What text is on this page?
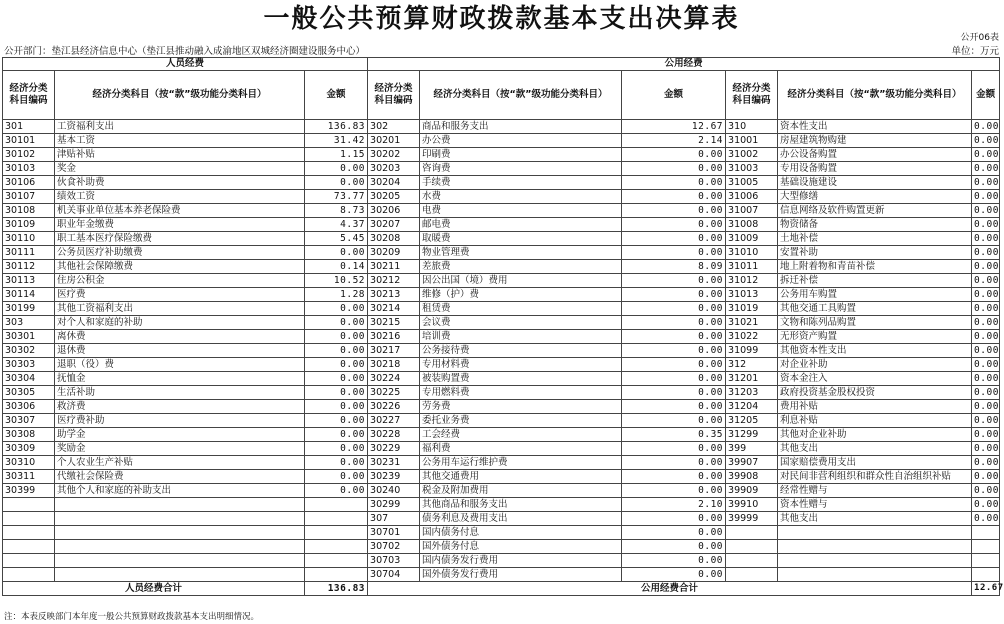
一般公共预算财政拨款基本支出决算表
公开06表
公开部门：垫江县经济信息中心（垫江县推动融入成渝地区双城经济圈建设服务中心）	单位：万元
人员经费			公用经费					
经济分类科目编码	经济分类科目（按“款”级功能分类科目）	金额	经济分类科目编码	经济分类科目（按“款”级功能分类科目）	金额	经济分类科目编码	经济分类科目（按“款”级功能分类科目）	金额
301	工资福利支出	136.83	302	商品和服务支出	12.67	310	资本性支出	0.00
30101	基本工资	31.42	30201	办公费	2.14	31001	房屋建筑物购建	0.00
30102	津贴补贴	1.15	30202	印刷费	0.00	31002	办公设备购置	0.00
30103	奖金	0.00	30203	咨询费	0.00	31003	专用设备购置	0.00
30106	伙食补助费	0.00	30204	手续费	0.00	31005	基础设施建设	0.00
30107	绩效工资	73.77	30205	水费	0.00	31006	大型修缮	0.00
30108	机关事业单位基本养老保险费	8.73	30206	电费	0.00	31007	信息网络及软件购置更新	0.00
30109	职业年金缴费	4.37	30207	邮电费	0.00	31008	物资储备	0.00
30110	职工基本医疗保险缴费	5.45	30208	取暖费	0.00	31009	土地补偿	0.00
30111	公务员医疗补助缴费	0.00	30209	物业管理费	0.00	31010	安置补助	0.00
30112	其他社会保障缴费	0.14	30211	差旅费	8.09	31011	地上附着物和青苗补偿	0.00
30113	住房公积金	10.52	30212	因公出国（境）费用	0.00	31012	拆迁补偿	0.00
30114	医疗费	1.28	30213	维修（护）费	0.00	31013	公务用车购置	0.00
30199	其他工资福利支出	0.00	30214	租赁费	0.00	31019	其他交通工具购置	0.00
303	对个人和家庭的补助	0.00	30215	会议费	0.00	31021	文物和陈列品购置	0.00
30301	离休费	0.00	30216	培训费	0.00	31022	无形资产购置	0.00
30302	退休费	0.00	30217	公务接待费	0.00	31099	其他资本性支出	0.00
30303	退职（役）费	0.00	30218	专用材料费	0.00	312	对企业补助	0.00
30304	抚恤金	0.00	30224	被装购置费	0.00	31201	资本金注入	0.00
30305	生活补助	0.00	30225	专用燃料费	0.00	31203	政府投资基金股权投资	0.00
30306	救济费	0.00	30226	劳务费	0.00	31204	费用补贴	0.00
30307	医疗费补助	0.00	30227	委托业务费	0.00	31205	利息补贴	0.00
30308	助学金	0.00	30228	工会经费	0.35	31299	其他对企业补助	0.00
30309	奖励金	0.00	30229	福利费	0.00	399	其他支出	0.00
30310	个人农业生产补贴	0.00	30231	公务用车运行维护费	0.00	39907	国家赔偿费用支出	0.00
30311	代缴社会保险费	0.00	30239	其他交通费用	0.00	39908	对民间非营利组织和群众性自治组织补贴	0.00
30399	其他个人和家庭的补助支出	0.00	30240	税金及附加费用	0.00	39909	经常性赠与	0.00
			30299	其他商品和服务支出	2.10	39910	资本性赠与	0.00
			307	债务利息及费用支出	0.00	39999	其他支出	0.00
			30701	国内债务付息	0.00			
			30702	国外债务付息	0.00			
			30703	国内债务发行费用	0.00			
			30704	国外债务发行费用	0.00			
人员经费合计		136.83	公用经费合计					12.67
注：本表反映部门本年度一般公共预算财政拨款基本支出明细情况。
